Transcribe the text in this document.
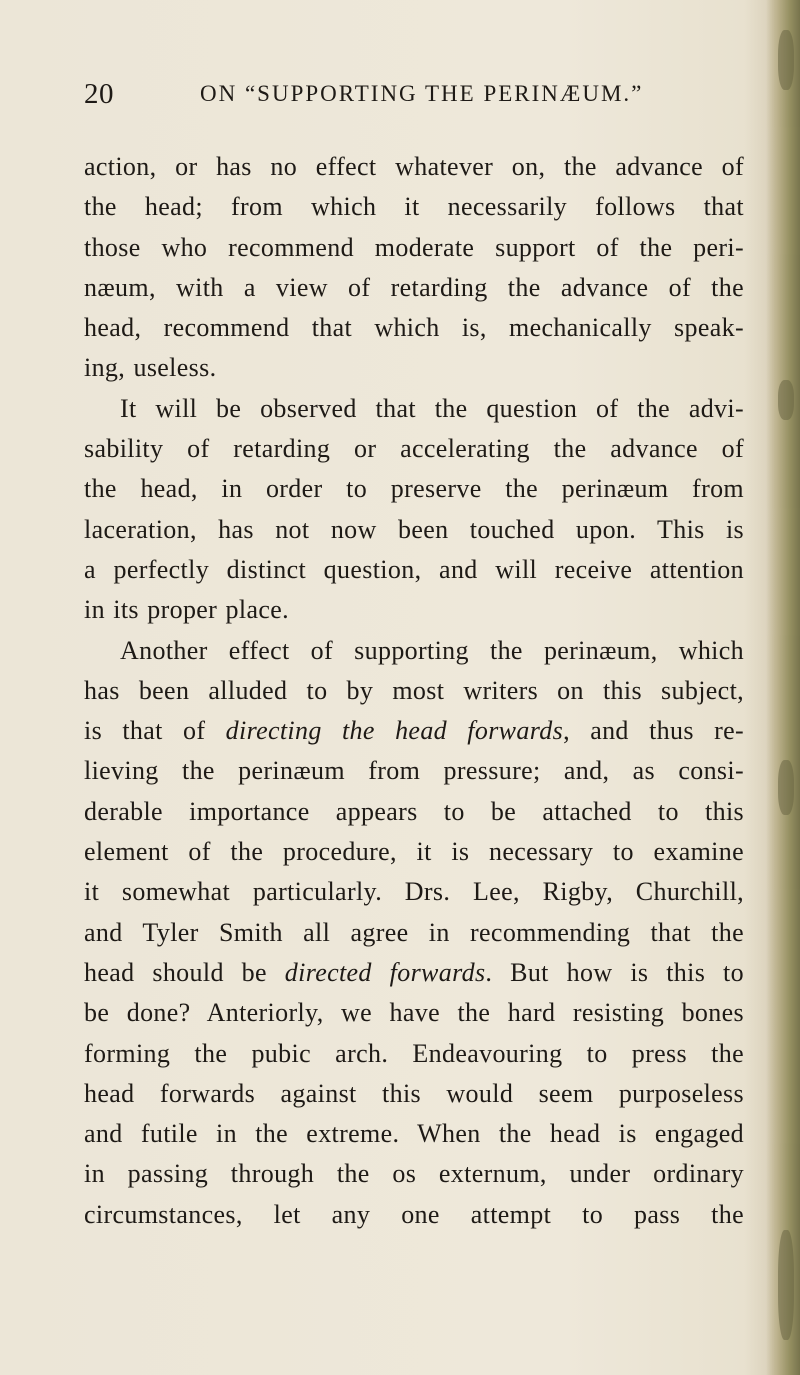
20	ON “SUPPORTING THE PERINÆUM.”
action, or has no effect whatever on, the advance of
the head; from which it necessarily follows that
those who recommend moderate support of the peri-
næum, with a view of retarding the advance of the
head, recommend that which is, mechanically speak-
ing, useless.
It will be observed that the question of the advi-
sability of retarding or accelerating the advance of
the head, in order to preserve the perinæum from
laceration, has not now been touched upon. This is
a perfectly distinct question, and will receive attention
in its proper place.
Another effect of supporting the perinæum, which
has been alluded to by most writers on this subject,
is that of directing the head forwards, and thus re-
lieving the perinæum from pressure; and, as consi-
derable importance appears to be attached to this
element of the procedure, it is necessary to examine
it somewhat particularly. Drs. Lee, Rigby, Churchill,
and Tyler Smith all agree in recommending that the
head should be directed forwards. But how is this to
be done? Anteriorly, we have the hard resisting bones
forming the pubic arch. Endeavouring to press the
head forwards against this would seem purposeless
and futile in the extreme. When the head is engaged
in passing through the os externum, under ordinary
circumstances, let any one attempt to pass the
